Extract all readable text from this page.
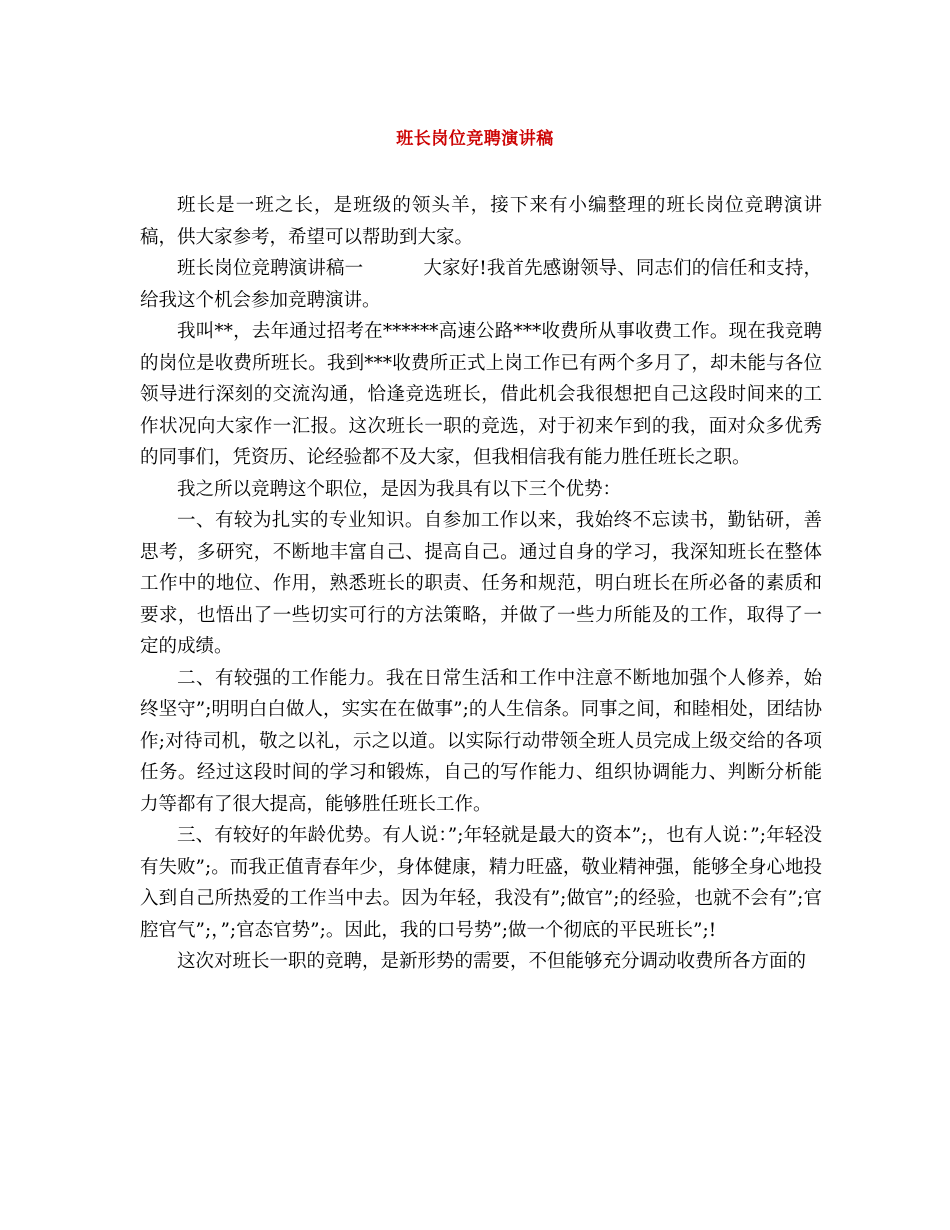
班长岗位竞聘演讲稿

班长是一班之长，是班级的领头羊，接下来有小编整理的班长岗位竞聘演讲稿，供大家参考，希望可以帮助到大家。

班长岗位竞聘演讲稿一	大家好!我首先感谢领导、同志们的信任和支持，给我这个机会参加竞聘演讲。

我叫**，去年通过招考在******高速公路***收费所从事收费工作。现在我竞聘的岗位是收费所班长。我到***收费所正式上岗工作已有两个多月了，却未能与各位领导进行深刻的交流沟通，恰逢竞选班长，借此机会我很想把自己这段时间来的工作状况向大家作一汇报。这次班长一职的竞选，对于初来乍到的我，面对众多优秀的同事们，凭资历、论经验都不及大家，但我相信我有能力胜任班长之职。

我之所以竞聘这个职位，是因为我具有以下三个优势：

一、有较为扎实的专业知识。自参加工作以来，我始终不忘读书，勤钻研，善思考，多研究，不断地丰富自己、提高自己。通过自身的学习，我深知班长在整体工作中的地位、作用，熟悉班长的职责、任务和规范，明白班长在所必备的素质和要求，也悟出了一些切实可行的方法策略，并做了一些力所能及的工作，取得了一定的成绩。

二、有较强的工作能力。我在日常生活和工作中注意不断地加强个人修养，始终坚守”;明明白白做人，实实在在做事”;的人生信条。同事之间，和睦相处，团结协作;对待司机，敬之以礼，示之以道。以实际行动带领全班人员完成上级交给的各项任务。经过这段时间的学习和锻炼，自己的写作能力、组织协调能力、判断分析能力等都有了很大提高，能够胜任班长工作。

三、有较好的年龄优势。有人说：”;年轻就是最大的资本”;，也有人说：”;年轻没有失败”;。而我正值青春年少，身体健康，精力旺盛，敬业精神强，能够全身心地投入到自己所热爱的工作当中去。因为年轻，我没有”;做官”;的经验，也就不会有”;官腔官气”;，”;官态官势”;。因此，我的口号势”;做一个彻底的平民班长”;!

这次对班长一职的竞聘，是新形势的需要，不但能够充分调动收费所各方面的
